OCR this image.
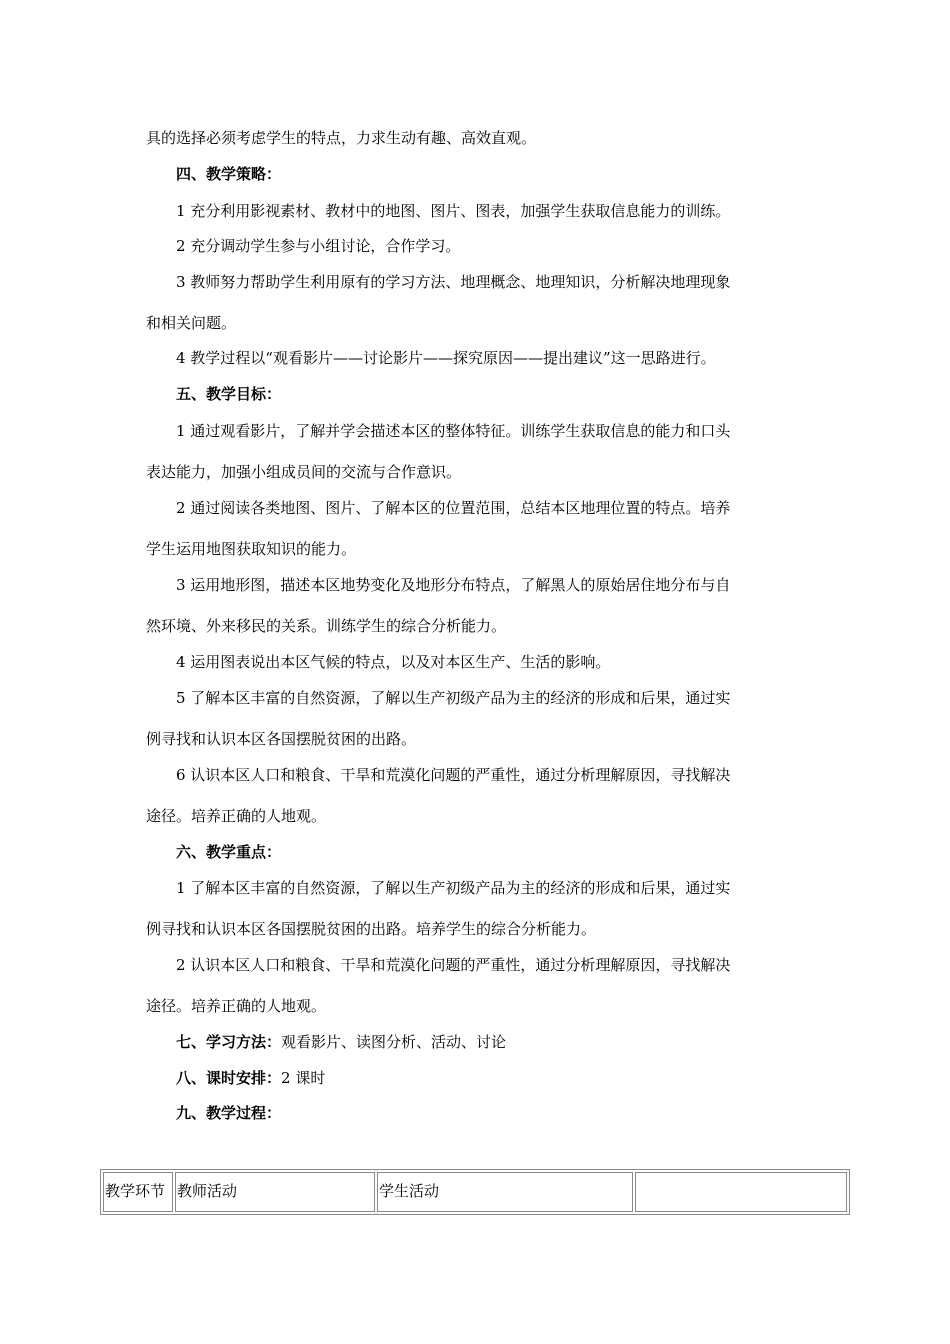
具的选择必须考虑学生的特点，力求生动有趣、高效直观。
四、教学策略：
1 充分利用影视素材、教材中的地图、图片、图表，加强学生获取信息能力的训练。
2 充分调动学生参与小组讨论，合作学习。
3 教师努力帮助学生利用原有的学习方法、地理概念、地理知识，分析解决地理现象
和相关问题。
4 教学过程以“观看影片——讨论影片——探究原因——提出建议”这一思路进行。
五、教学目标：
1 通过观看影片，了解并学会描述本区的整体特征。训练学生获取信息的能力和口头
表达能力，加强小组成员间的交流与合作意识。
2 通过阅读各类地图、图片、了解本区的位置范围，总结本区地理位置的特点。培养
学生运用地图获取知识的能力。
3 运用地形图，描述本区地势变化及地形分布特点，了解黑人的原始居住地分布与自
然环境、外来移民的关系。训练学生的综合分析能力。
4 运用图表说出本区气候的特点，以及对本区生产、生活的影响。
5 了解本区丰富的自然资源，了解以生产初级产品为主的经济的形成和后果，通过实
例寻找和认识本区各国摆脱贫困的出路。
6 认识本区人口和粮食、干旱和荒漠化问题的严重性，通过分析理解原因，寻找解决
途径。培养正确的人地观。
六、教学重点：
1 了解本区丰富的自然资源，了解以生产初级产品为主的经济的形成和后果，通过实
例寻找和认识本区各国摆脱贫困的出路。培养学生的综合分析能力。
2 认识本区人口和粮食、干旱和荒漠化问题的严重性，通过分析理解原因，寻找解决
途径。培养正确的人地观。
七、学习方法：观看影片、读图分析、活动、讨论
八、课时安排：2 课时
九、教学过程：
教学环节 教师活动	学生活动
